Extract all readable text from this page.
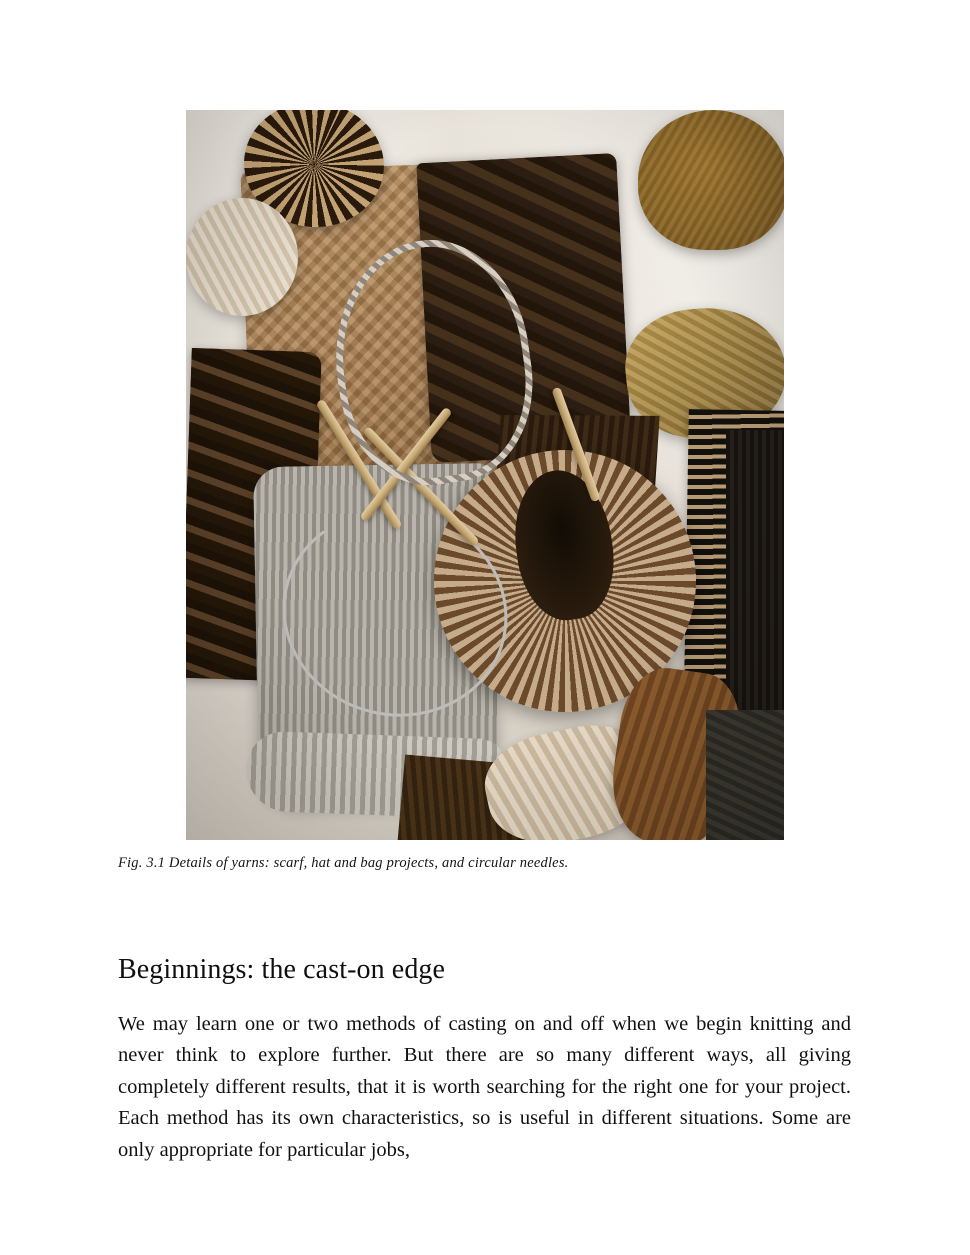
Fig. 3.1 Details of yarns: scarf, hat and bag projects, and circular needles.
Beginnings: the cast-on edge

We may learn one or two methods of casting on and off when we begin knitting and never think to explore further. But there are so many different ways, all giving completely different results, that it is worth searching for the right one for your project. Each method has its own characteristics, so is useful in different situations. Some are only appropriate for particular jobs,
